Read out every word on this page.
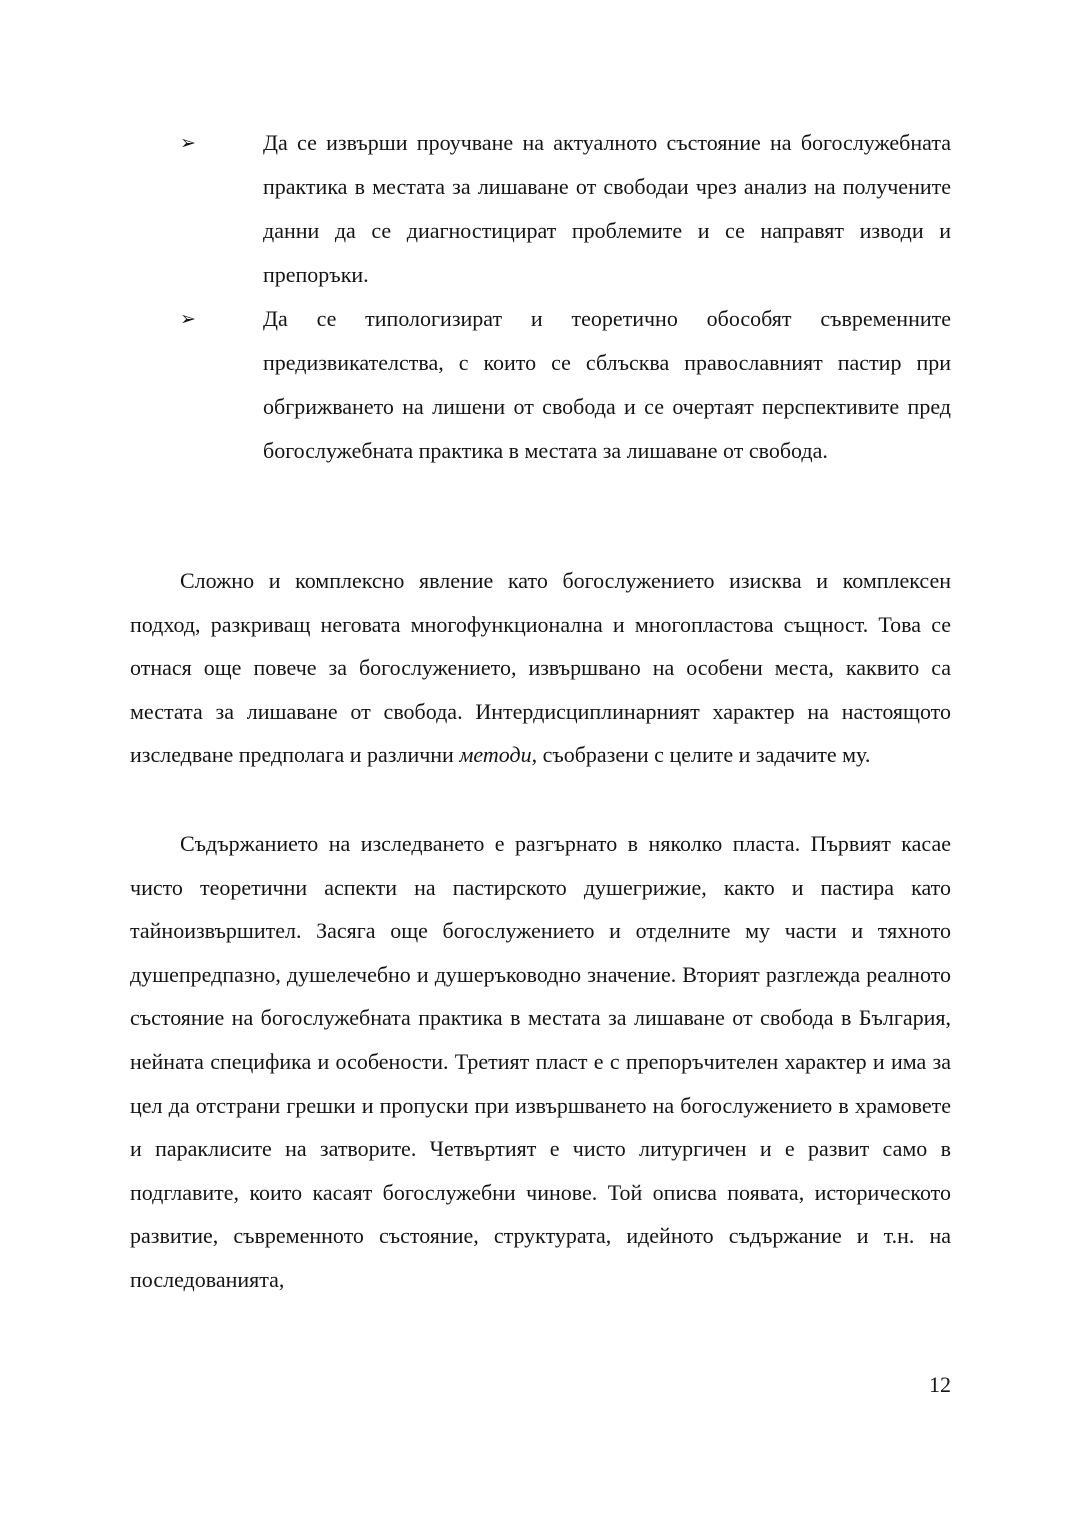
➢	Да се извърши проучване на актуалното състояние на богослужебната практика в местата за лишаване от свободаи чрез анализ на получените данни да се диагностицират проблемите и се направят изводи и препоръки.
➢	Да се типологизират и теоретично обособят съвременните предизвикателства, с които се сблъсква православният пастир при обгрижването на лишени от свобода и се очертаят перспективите пред богослужебната практика в местата за лишаване от свобода.

Сложно и комплексно явление като богослужението изисква и комплексен подход, разкриващ неговата многофункционална и многопластова същност. Това се отнася още повече за богослужението, извършвано на особени места, каквито са местата за лишаване от свобода. Интердисциплинарният характер на настоящото изследване предполага и различни методи, съобразени с целите и задачите му.

Съдържанието на изследването е разгърнато в няколко пласта. Първият касае чисто теоретични аспекти на пастирското душегрижие, както и пастира като тайноизвършител. Засяга още богослужението и отделните му части и тяхното душепредпазно, душелечебно и душеръководно значение. Вторият разглежда реалното състояние на богослужебната практика в местата за лишаване от свобода в България, нейната специфика и особености. Третият пласт е с препоръчителен характер и има за цел да отстрани грешки и пропуски при извършването на богослужението в храмовете и параклисите на затворите. Четвъртият е чисто литургичен и е развит само в подглавите, които касаят богослужебни чинове. Той описва появата, историческото развитие, съвременното състояние, структурата, идейното съдържание и т.н. на последованията,

12
